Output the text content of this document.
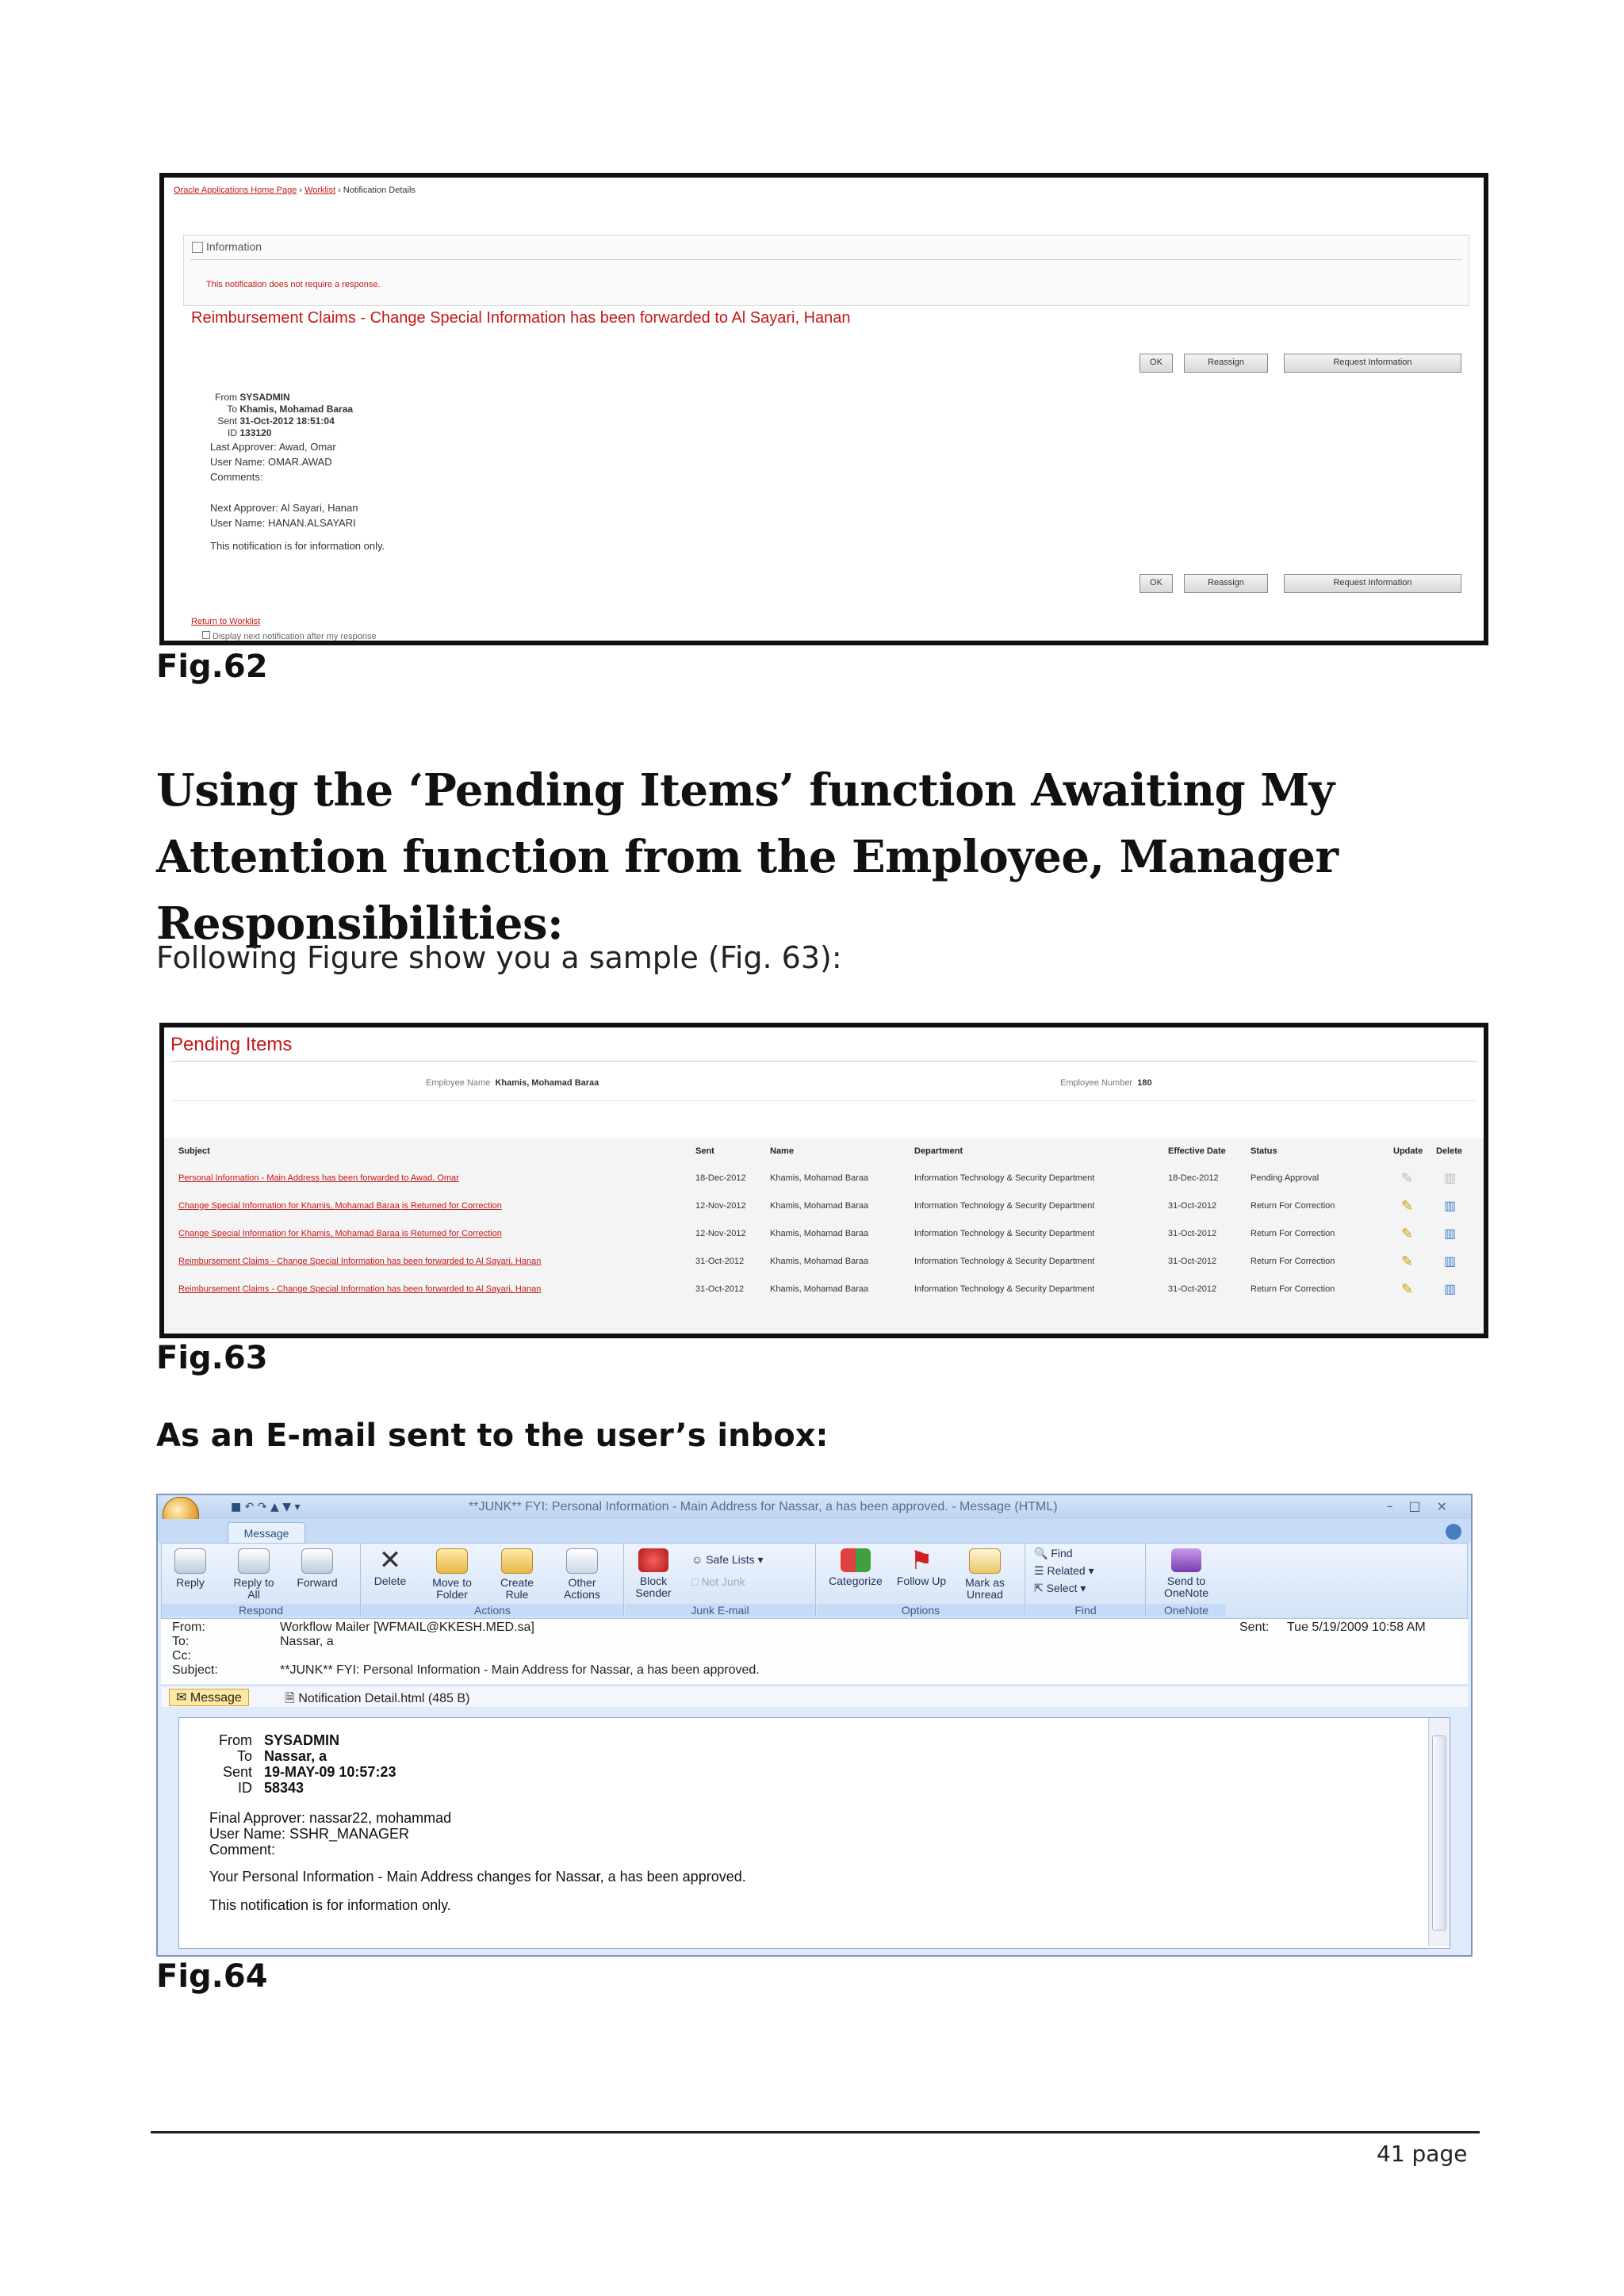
Oracle Applications Home Page › Worklist › Notification Details
Information
This notification does not require a response.
Reimbursement Claims - Change Special Information has been forwarded to Al Sayari, Hanan
OK	Reassign	Request Information
From SYSADMIN
To Khamis, Mohamad Baraa
Sent 31-Oct-2012 18:51:04
ID 133120
Last Approver: Awad, Omar
User Name: OMAR.AWAD
Comments:
Next Approver: Al Sayari, Hanan
User Name: HANAN.ALSAYARI
This notification is for information only.
OK	Reassign	Request Information
Return to Worklist
Display next notification after my response
Fig.62
Using the ‘Pending Items’ function Awaiting My Attention function from the Employee, Manager Responsibilities:
Following Figure show you a sample (Fig. 63):
Pending Items
Employee Name Khamis, Mohamad Baraa	Employee Number 180
Subject	Sent	Name	Department	Effective Date	Status	Update Delete
Personal Information - Main Address has been forwarded to Awad, Omar	18-Dec-2012	Khamis, Mohamad Baraa	Information Technology & Security Department	18-Dec-2012	Pending Approval	✎ ▥
Change Special Information for Khamis, Mohamad Baraa is Returned for Correction	12-Nov-2012	Khamis, Mohamad Baraa	Information Technology & Security Department	31-Oct-2012	Return For Correction	✎ ▥
Change Special Information for Khamis, Mohamad Baraa is Returned for Correction	12-Nov-2012	Khamis, Mohamad Baraa	Information Technology & Security Department	31-Oct-2012	Return For Correction	✎ ▥
Reimbursement Claims - Change Special Information has been forwarded to Al Sayari, Hanan	31-Oct-2012	Khamis, Mohamad Baraa	Information Technology & Security Department	31-Oct-2012	Return For Correction	✎ ▥
Reimbursement Claims - Change Special Information has been forwarded to Al Sayari, Hanan	31-Oct-2012	Khamis, Mohamad Baraa	Information Technology & Security Department	31-Oct-2012	Return For Correction	✎ ▥
Fig.63
As an E-mail sent to the user’s inbox:
■ ↶ ↷ ▲ ▼ ▾	**JUNK** FYI: Personal Information - Main Address for Nassar, a has been approved. - Message (HTML)	–□×
Message
Reply	Reply to All
Forward
Respond
✕
Delete	Move to Folder
Create Rule
Other Actions
Actions
Block Sender
☺ Safe Lists ▾
□ Not Junk
Junk E-mail
Categorize
⚑
Follow Up	Mark as Unread
Options
🔍 Find
☰ Related ▾
⇱ Select ▾
Find
Send to OneNote
OneNote
From:	Workflow Mailer [WFMAIL@KKESH.MED.sa]
To:	Nassar, a
Cc:
Subject:	**JUNK** FYI: Personal Information - Main Address for Nassar, a has been approved.
Sent: Tue 5/19/2009 10:58 AM
✉ Message	🗎 Notification Detail.html (485 B)
From SYSADMIN
To Nassar, a
Sent 19-MAY-09 10:57:23
ID 58343
Final Approver: nassar22, mohammad
User Name: SSHR_MANAGER
Comment:
Your Personal Information - Main Address changes for Nassar, a has been approved.
This notification is for information only.
Fig.64
41 page
